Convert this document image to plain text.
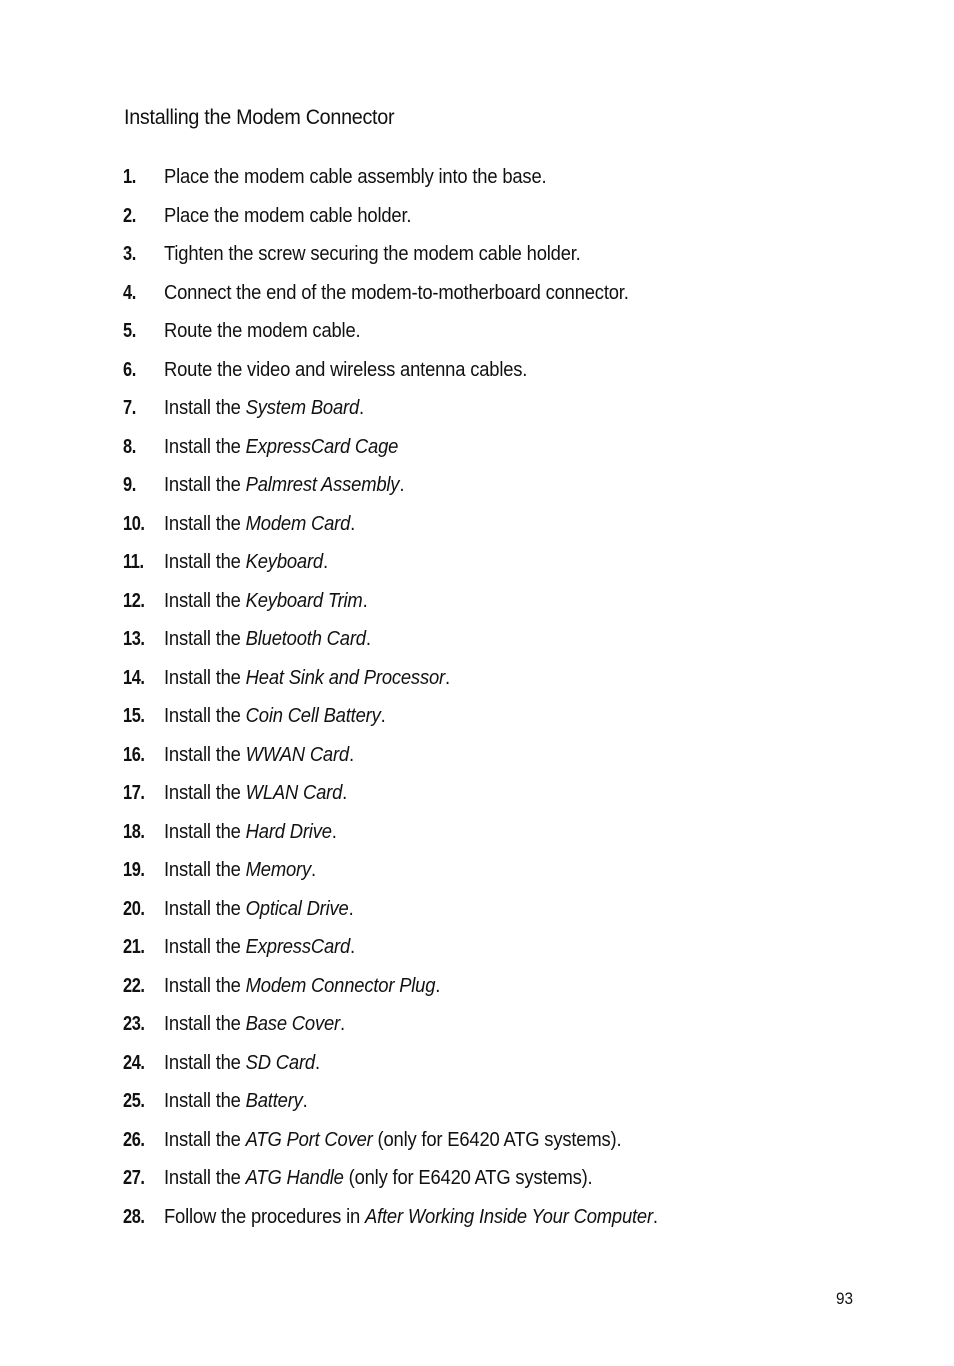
Installing the Modem Connector
1. Place the modem cable assembly into the base.
2. Place the modem cable holder.
3. Tighten the screw securing the modem cable holder.
4. Connect the end of the modem-to-motherboard connector.
5. Route the modem cable.
6. Route the video and wireless antenna cables.
7. Install the System Board.
8. Install the ExpressCard Cage
9. Install the Palmrest Assembly.
10. Install the Modem Card.
11. Install the Keyboard.
12. Install the Keyboard Trim.
13. Install the Bluetooth Card.
14. Install the Heat Sink and Processor.
15. Install the Coin Cell Battery.
16. Install the WWAN Card.
17. Install the WLAN Card.
18. Install the Hard Drive.
19. Install the Memory.
20. Install the Optical Drive.
21. Install the ExpressCard.
22. Install the Modem Connector Plug.
23. Install the Base Cover.
24. Install the SD Card.
25. Install the Battery.
26. Install the ATG Port Cover (only for E6420 ATG systems).
27. Install the ATG Handle (only for E6420 ATG systems).
28. Follow the procedures in After Working Inside Your Computer.
93
